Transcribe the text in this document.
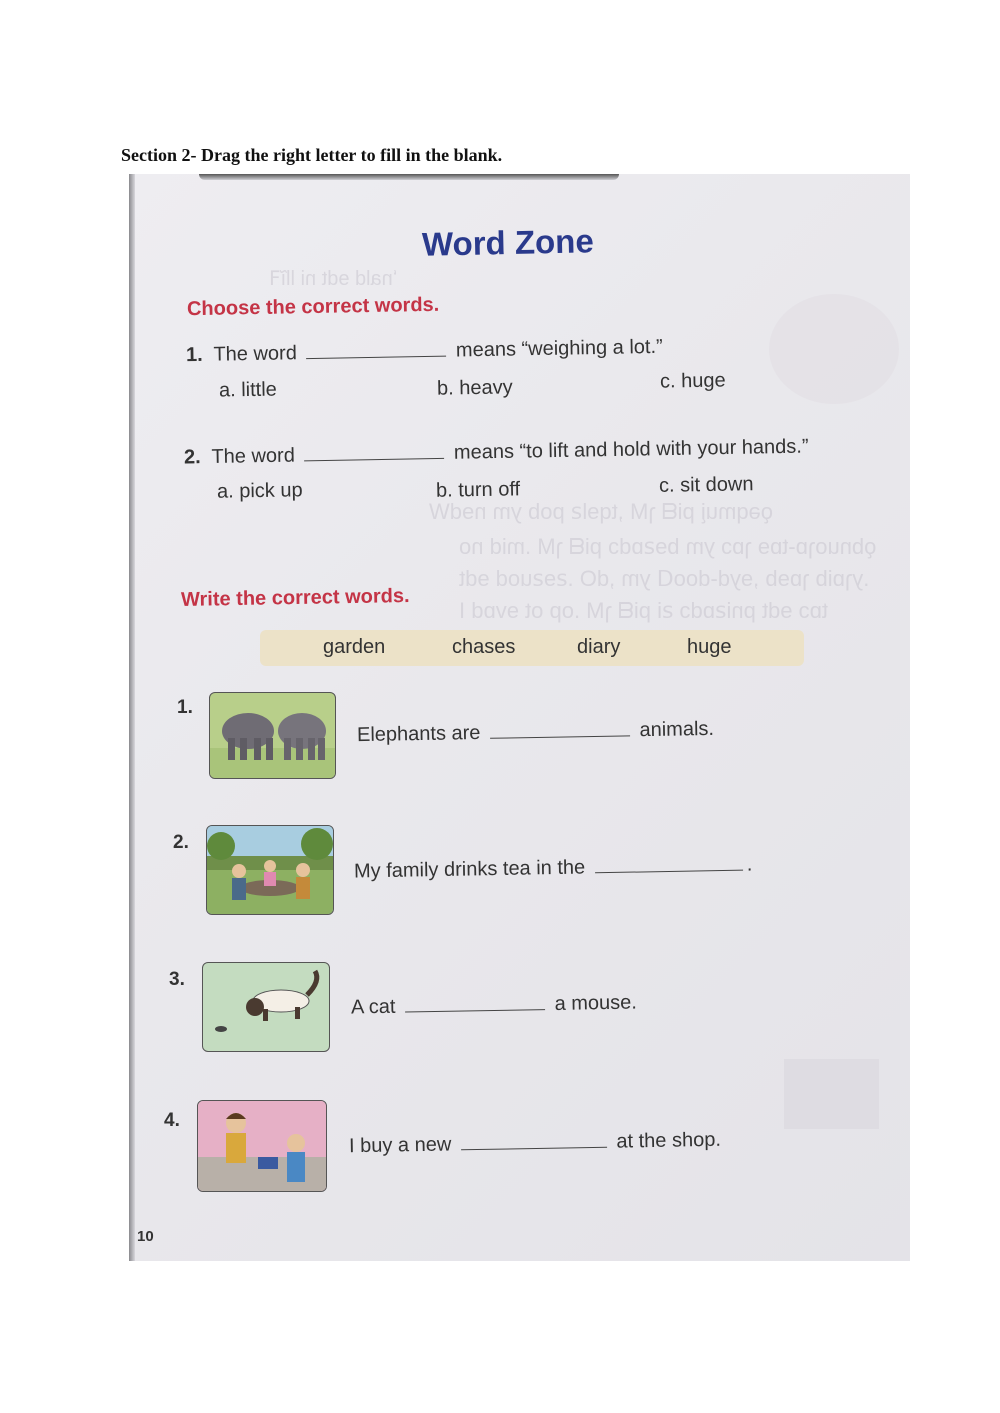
Section 2- Drag the right letter to fill in the blank.
ʻnald ɘdt ni llĩꟻ
ǫəqmuį piᗺ ɿM ,tqɘlꙅ pob ym nɘdW
ǫbnuoɿɒ-tɒɘ ɿɒɔ ym bɘꙅɒdɔ piᗺ ɿM .mid no
.yɿɒib ɿɒɘb ,ɘyd-dooᗡ ym ,dO .ꙅɘꙅuod ɘdt
tɒɔ ɘdt pniꙅɒdɔ ꙅi piᗺ ɿM .op ot ɘvɒd I
Word Zone
Choose the correct words.
1. The word	means “weighing a lot.”
a. little	b. heavy	c. huge
2. The word	means “to lift and hold with your hands.”
a. pick up	b. turn off	c. sit down
Write the correct words.
garden	chases	diary	huge
1.
Elephants are	animals.
2.
My family drinks tea in the	.
3.
A cat	a mouse.
4.
I buy a new	at the shop.
10
